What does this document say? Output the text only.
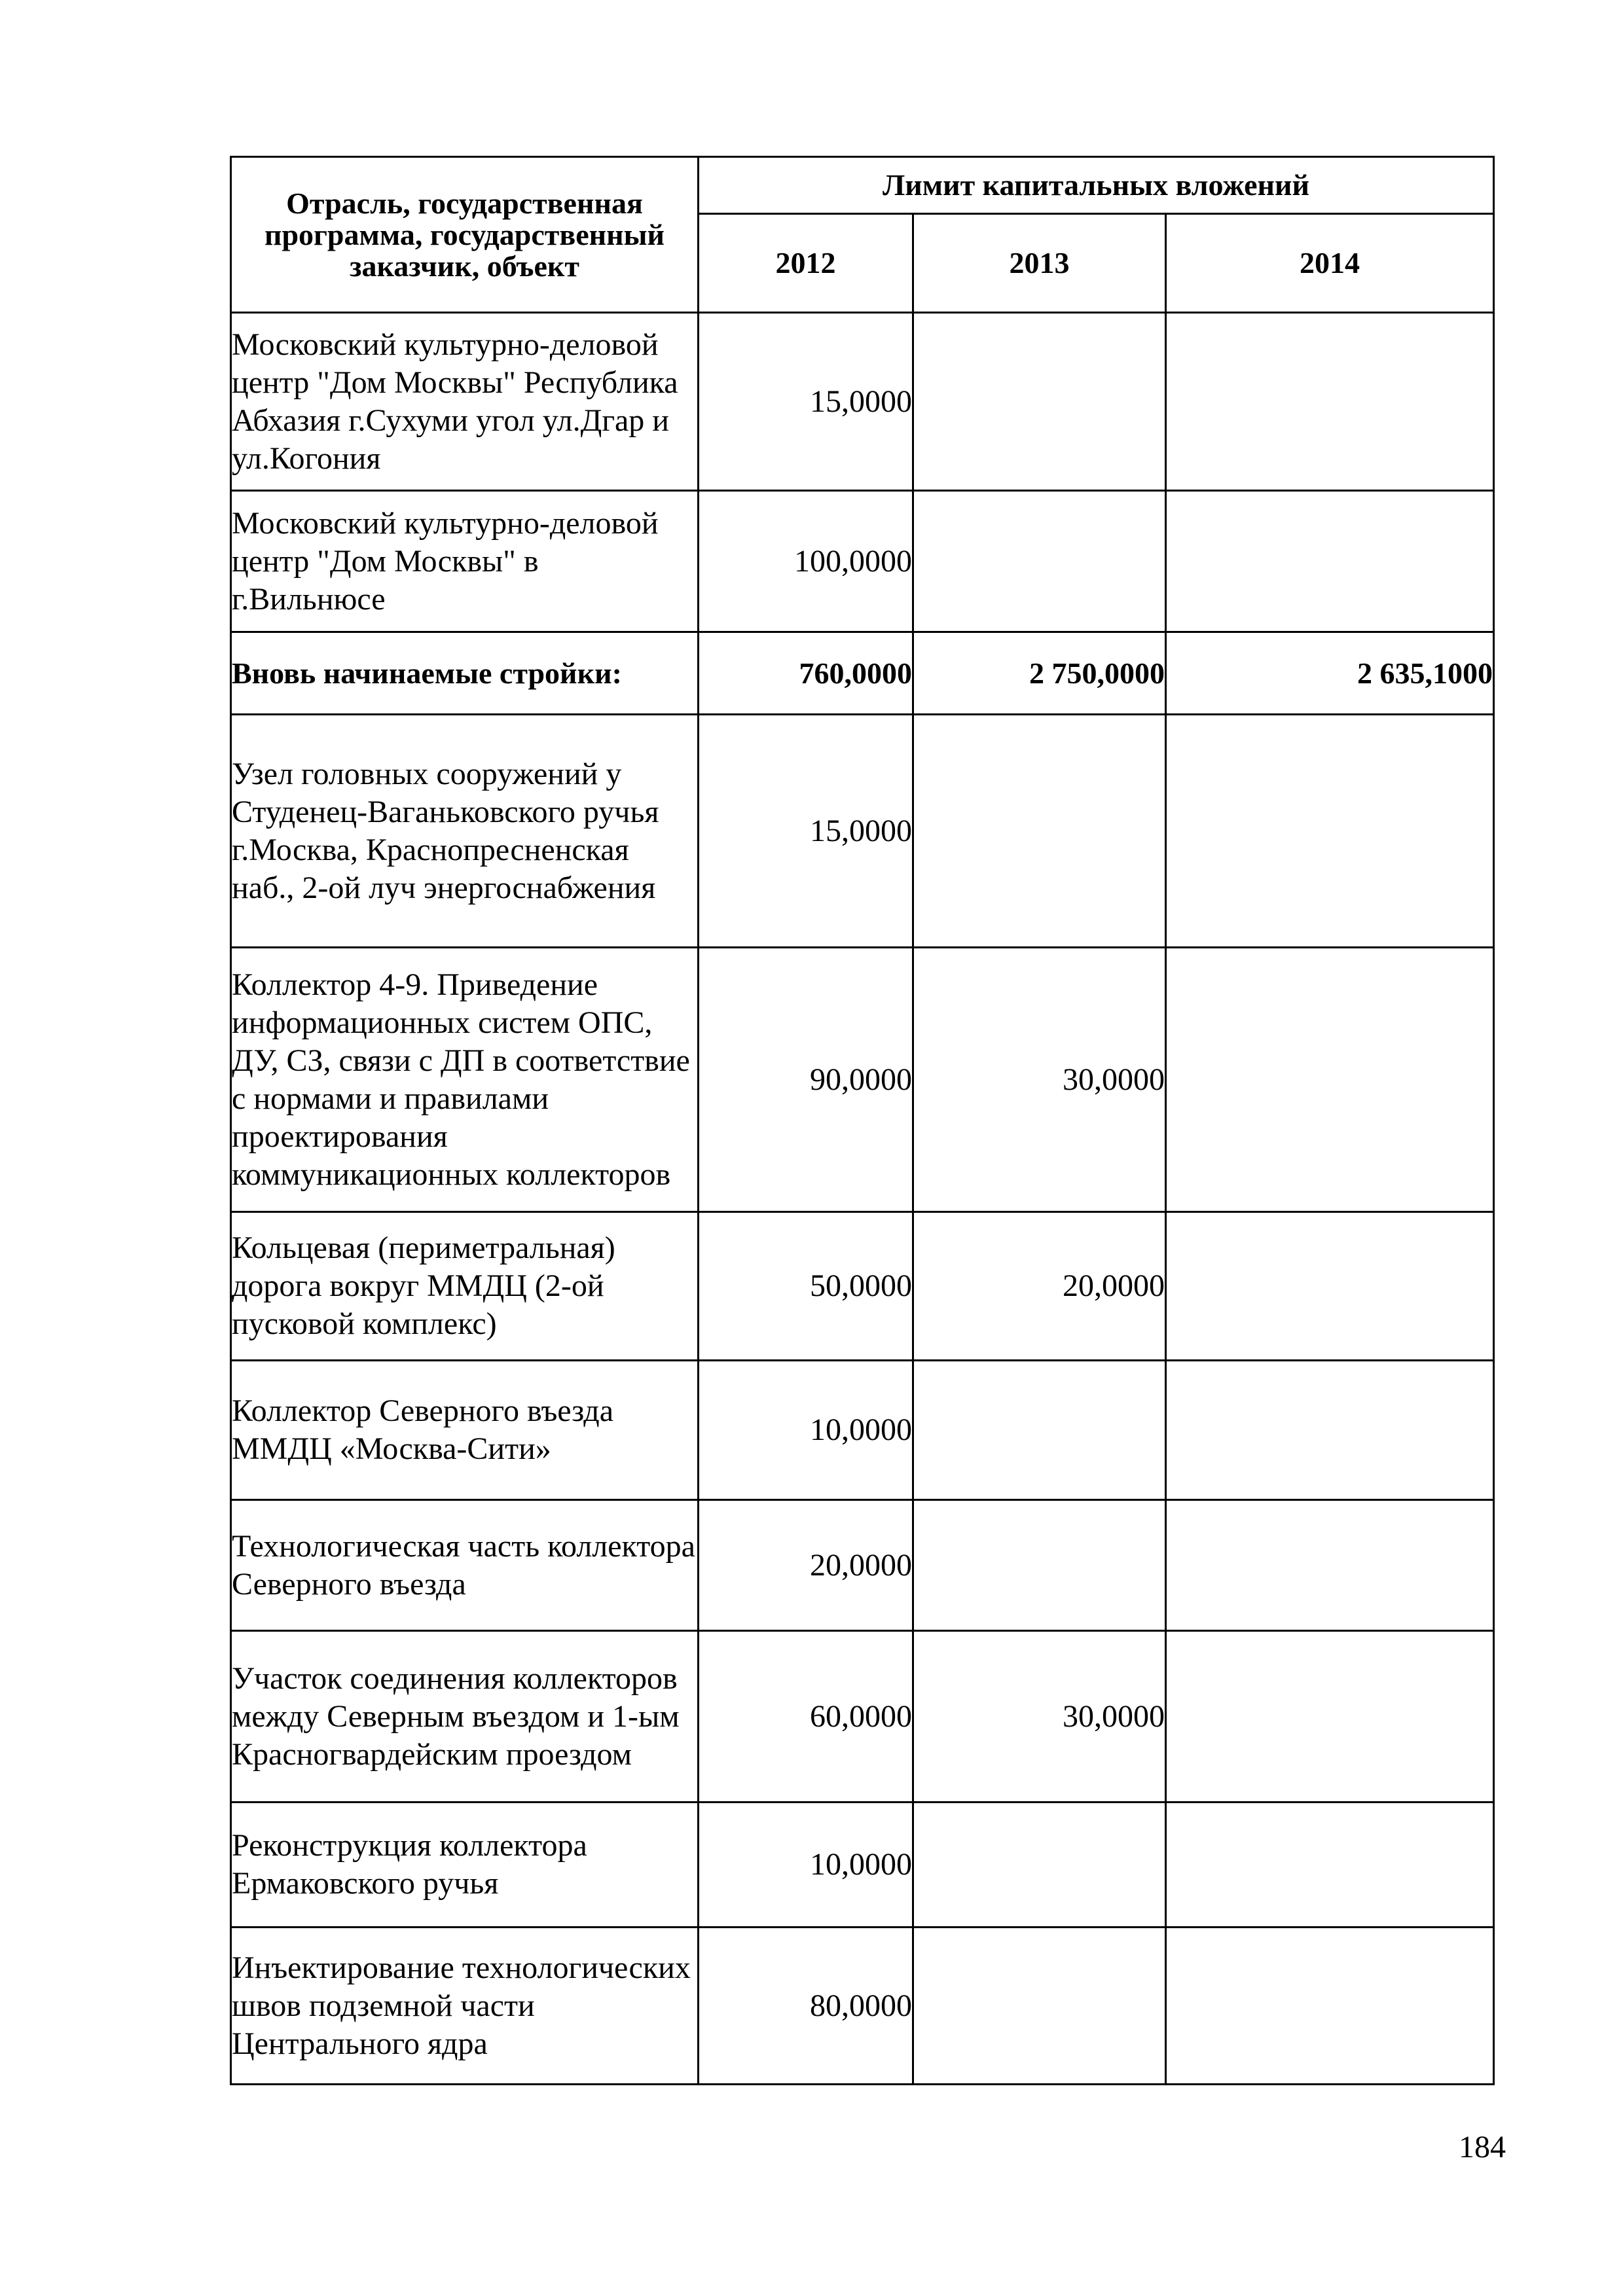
Отрасль, государственная программа, государственный заказчик, объект	Лимит капитальных вложений		
	2012	2013	2014
Московский культурно-деловой центр "Дом Москвы" Республика Абхазия г.Сухуми угол ул.Дгар и ул.Когония	15,0000		
Московский культурно-деловой центр "Дом Москвы" в г.Вильнюсе	100,0000		
Вновь начинаемые стройки:	760,0000	2 750,0000	2 635,1000
Узел головных сооружений у Студенец-Ваганьковского ручья г.Москва, Краснопресненская наб., 2-ой луч энергоснабжения	15,0000		
Коллектор 4-9. Приведение информационных систем ОПС, ДУ, СЗ, связи с ДП в соответствие с нормами и правилами проектирования коммуникационных коллекторов	90,0000	30,0000	
Кольцевая (периметральная) дорога вокруг ММДЦ (2-ой пусковой комплекс)	50,0000	20,0000	
Коллектор Северного въезда ММДЦ «Москва-Сити»	10,0000		
Технологическая часть коллектора Северного въезда	20,0000		
Участок соединения коллекторов между Северным въездом и 1-ым Красногвардейским проездом	60,0000	30,0000	
Реконструкция коллектора Ермаковского ручья	10,0000		
Инъектирование технологических швов подземной части Центрального ядра	80,0000		
184
